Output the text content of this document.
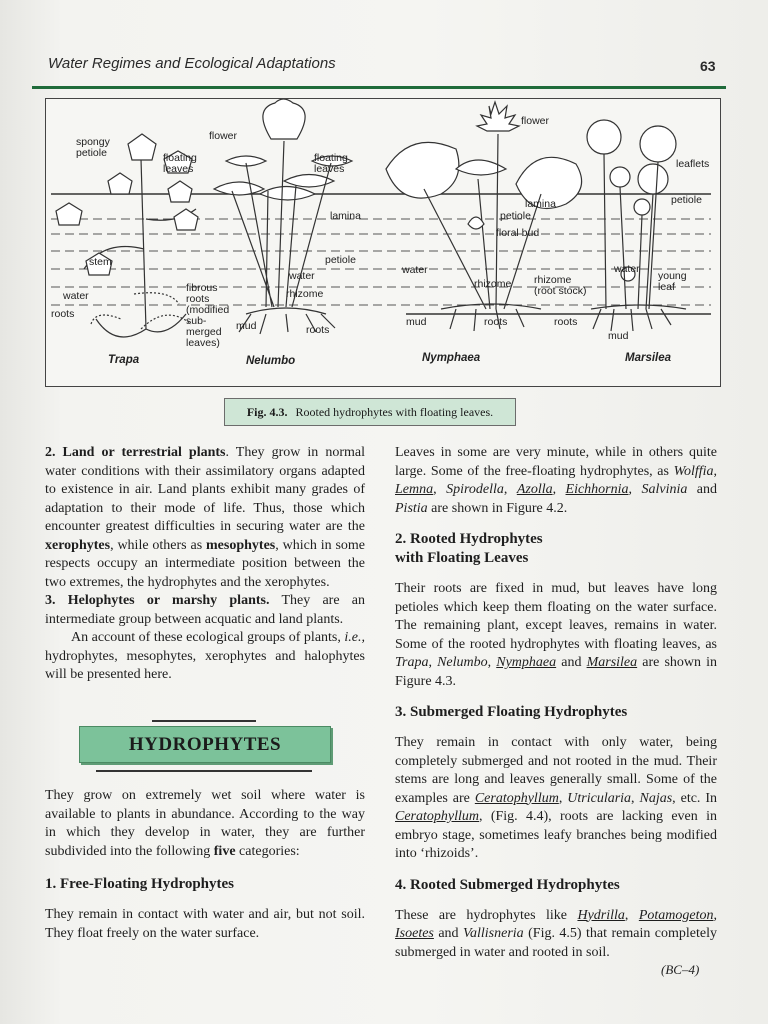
Water Regimes and Ecological Adaptations	63
spongy
petiole	floating
leaves
stem
water
roots
fibrous
roots
(modified
sub-
merged
leaves)
flower
floating
leaves
lamina
petiole
water
rhizome
mud	roots
flower
lamina
petiole
floral bud
water
rhizome
mud	roots
leaflets
petiole
water
rhizome
(root stock)
young
leaf
roots
mud
Trapa	Nelumbo	Nymphaea	Marsilea
Fig. 4.3. Rooted hydrophytes with floating leaves.

2. Land or terrestrial plants. They grow in normal water conditions with their assimilatory organs adapted to existence in air. Land plants exhibit many grades of adaptation to their mode of life. Thus, those which encounter greatest difficulties in securing water are the xerophytes, while others as mesophytes, which in some respects occupy an intermediate position between the two extremes, the hydrophytes and the xerophytes.

3. Helophytes or marshy plants. They are an intermediate group between acquatic and land plants.

An account of these ecological groups of plants, i.e., hydrophytes, mesophytes, xerophytes and halophytes will be presented here.

HYDROPHYTES

They grow on extremely wet soil where water is available to plants in abundance. According to the way in which they develop in water, they are further subdivided into the following five categories:

1. Free-Floating Hydrophytes

They remain in contact with water and air, but not soil. They float freely on the water surface.

Leaves in some are very minute, while in others quite large. Some of the free-floating hydrophytes, as Wolffia, Lemna, Spirodella, Azolla, Eichhornia, Salvinia and Pistia are shown in Figure 4.2.

2. Rooted Hydrophytes
with Floating Leaves

Their roots are fixed in mud, but leaves have long petioles which keep them floating on the water surface. The remaining plant, except leaves, remains in water. Some of the rooted hydrophytes with floating leaves, as Trapa, Nelumbo, Nymphaea and Marsilea are shown in Figure 4.3.

3. Submerged Floating Hydrophytes

They remain in contact with only water, being completely submerged and not rooted in the mud. Their stems are long and leaves generally small. Some of the examples are Ceratophyllum, Utricularia, Najas, etc. In Ceratophyllum, (Fig. 4.4), roots are lacking even in embryo stage, sometimes leafy branches being modified into ‘rhizoids’.

4. Rooted Submerged Hydrophytes

These are hydrophytes like Hydrilla, Potamogeton, Isoetes and Vallisneria (Fig. 4.5) that remain completely submerged in water and rooted in soil.

(BC–4)
